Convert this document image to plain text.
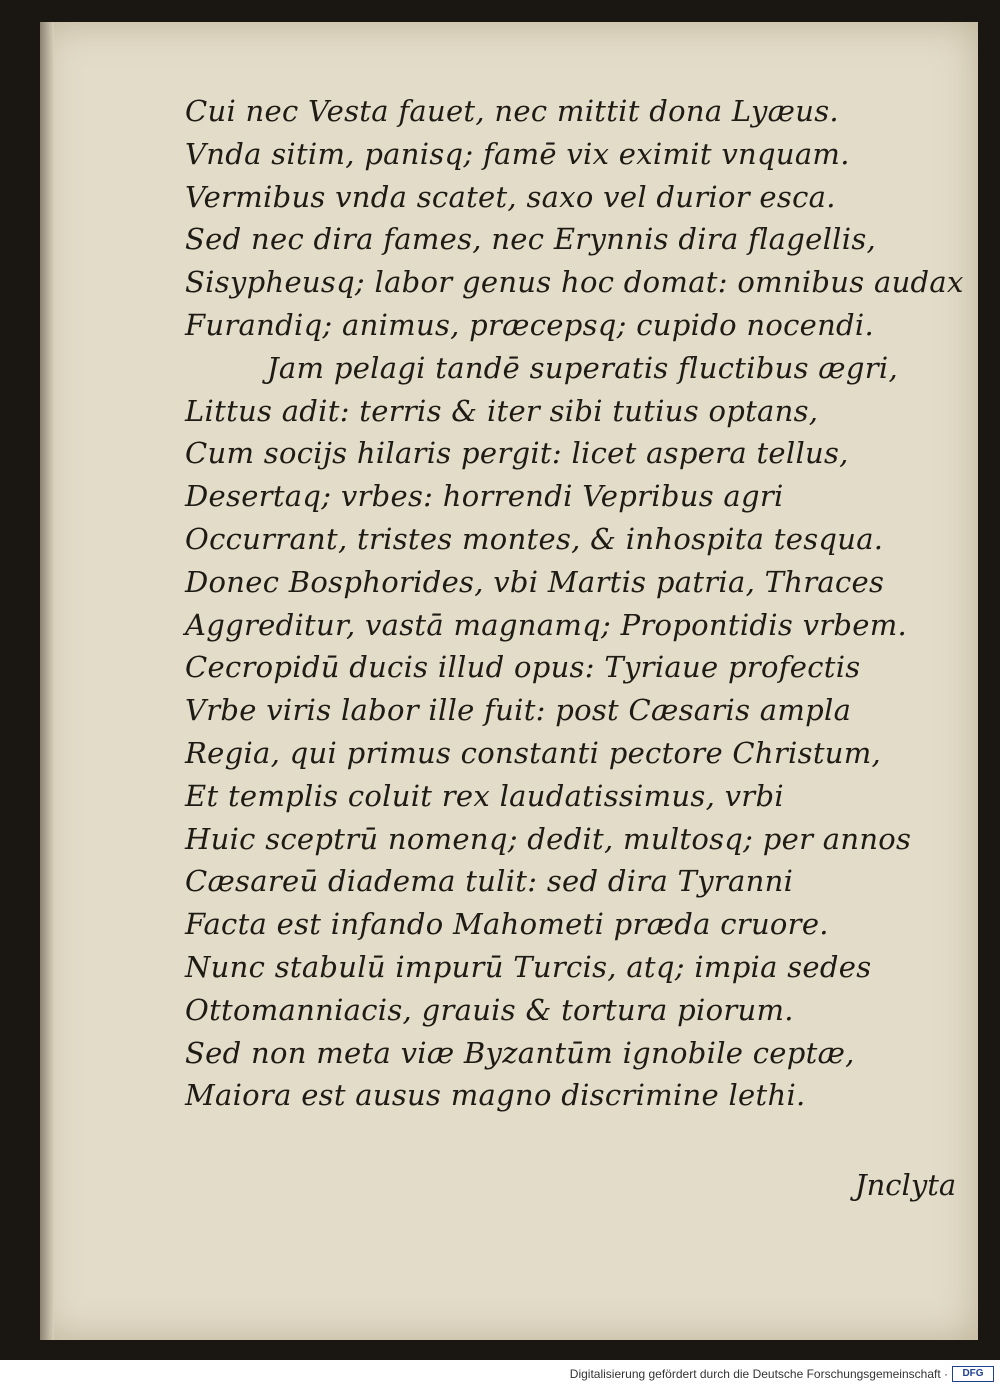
Cui nec Vesta fauet, nec mittit dona Lyæus.
Vnda sitim, panisq; famē vix eximit vnquam.
Vermibus vnda scatet, saxo vel durior esca.
Sed nec dira fames, nec Erynnis dira flagellis,
Sisypheusq; labor genus hoc domat: omnibus audax
Furandiq; animus, præcepsq; cupido nocendi.
Jam pelagi tandē superatis fluctibus ægri,
Littus adit: terris & iter sibi tutius optans,
Cum socijs hilaris pergit: licet aspera tellus,
Desertaq; vrbes: horrendi Vepribus agri
Occurrant, tristes montes, & inhospita tesqua.
Donec Bosphorides, vbi Martis patria, Thraces
Aggreditur, vastā magnamq; Propontidis vrbem.
Cecropidū ducis illud opus: Tyriaue profectis
Vrbe viris labor ille fuit: post Cæsaris ampla
Regia, qui primus constanti pectore Christum,
Et templis coluit rex laudatissimus, vrbi
Huic sceptrū nomenq; dedit, multosq; per annos
Cæsareū diadema tulit: sed dira Tyranni
Facta est infando Mahometi præda cruore.
Nunc stabulū impurū Turcis, atq; impia sedes
Ottomanniacis, grauis & tortura piorum.
Sed non meta viæ Byzantūm ignobile ceptæ,
Maiora est ausus magno discrimine lethi.
Jnclyta
Digitalisierung gefördert durch die Deutsche Forschungsgemeinschaft ·	DFG
